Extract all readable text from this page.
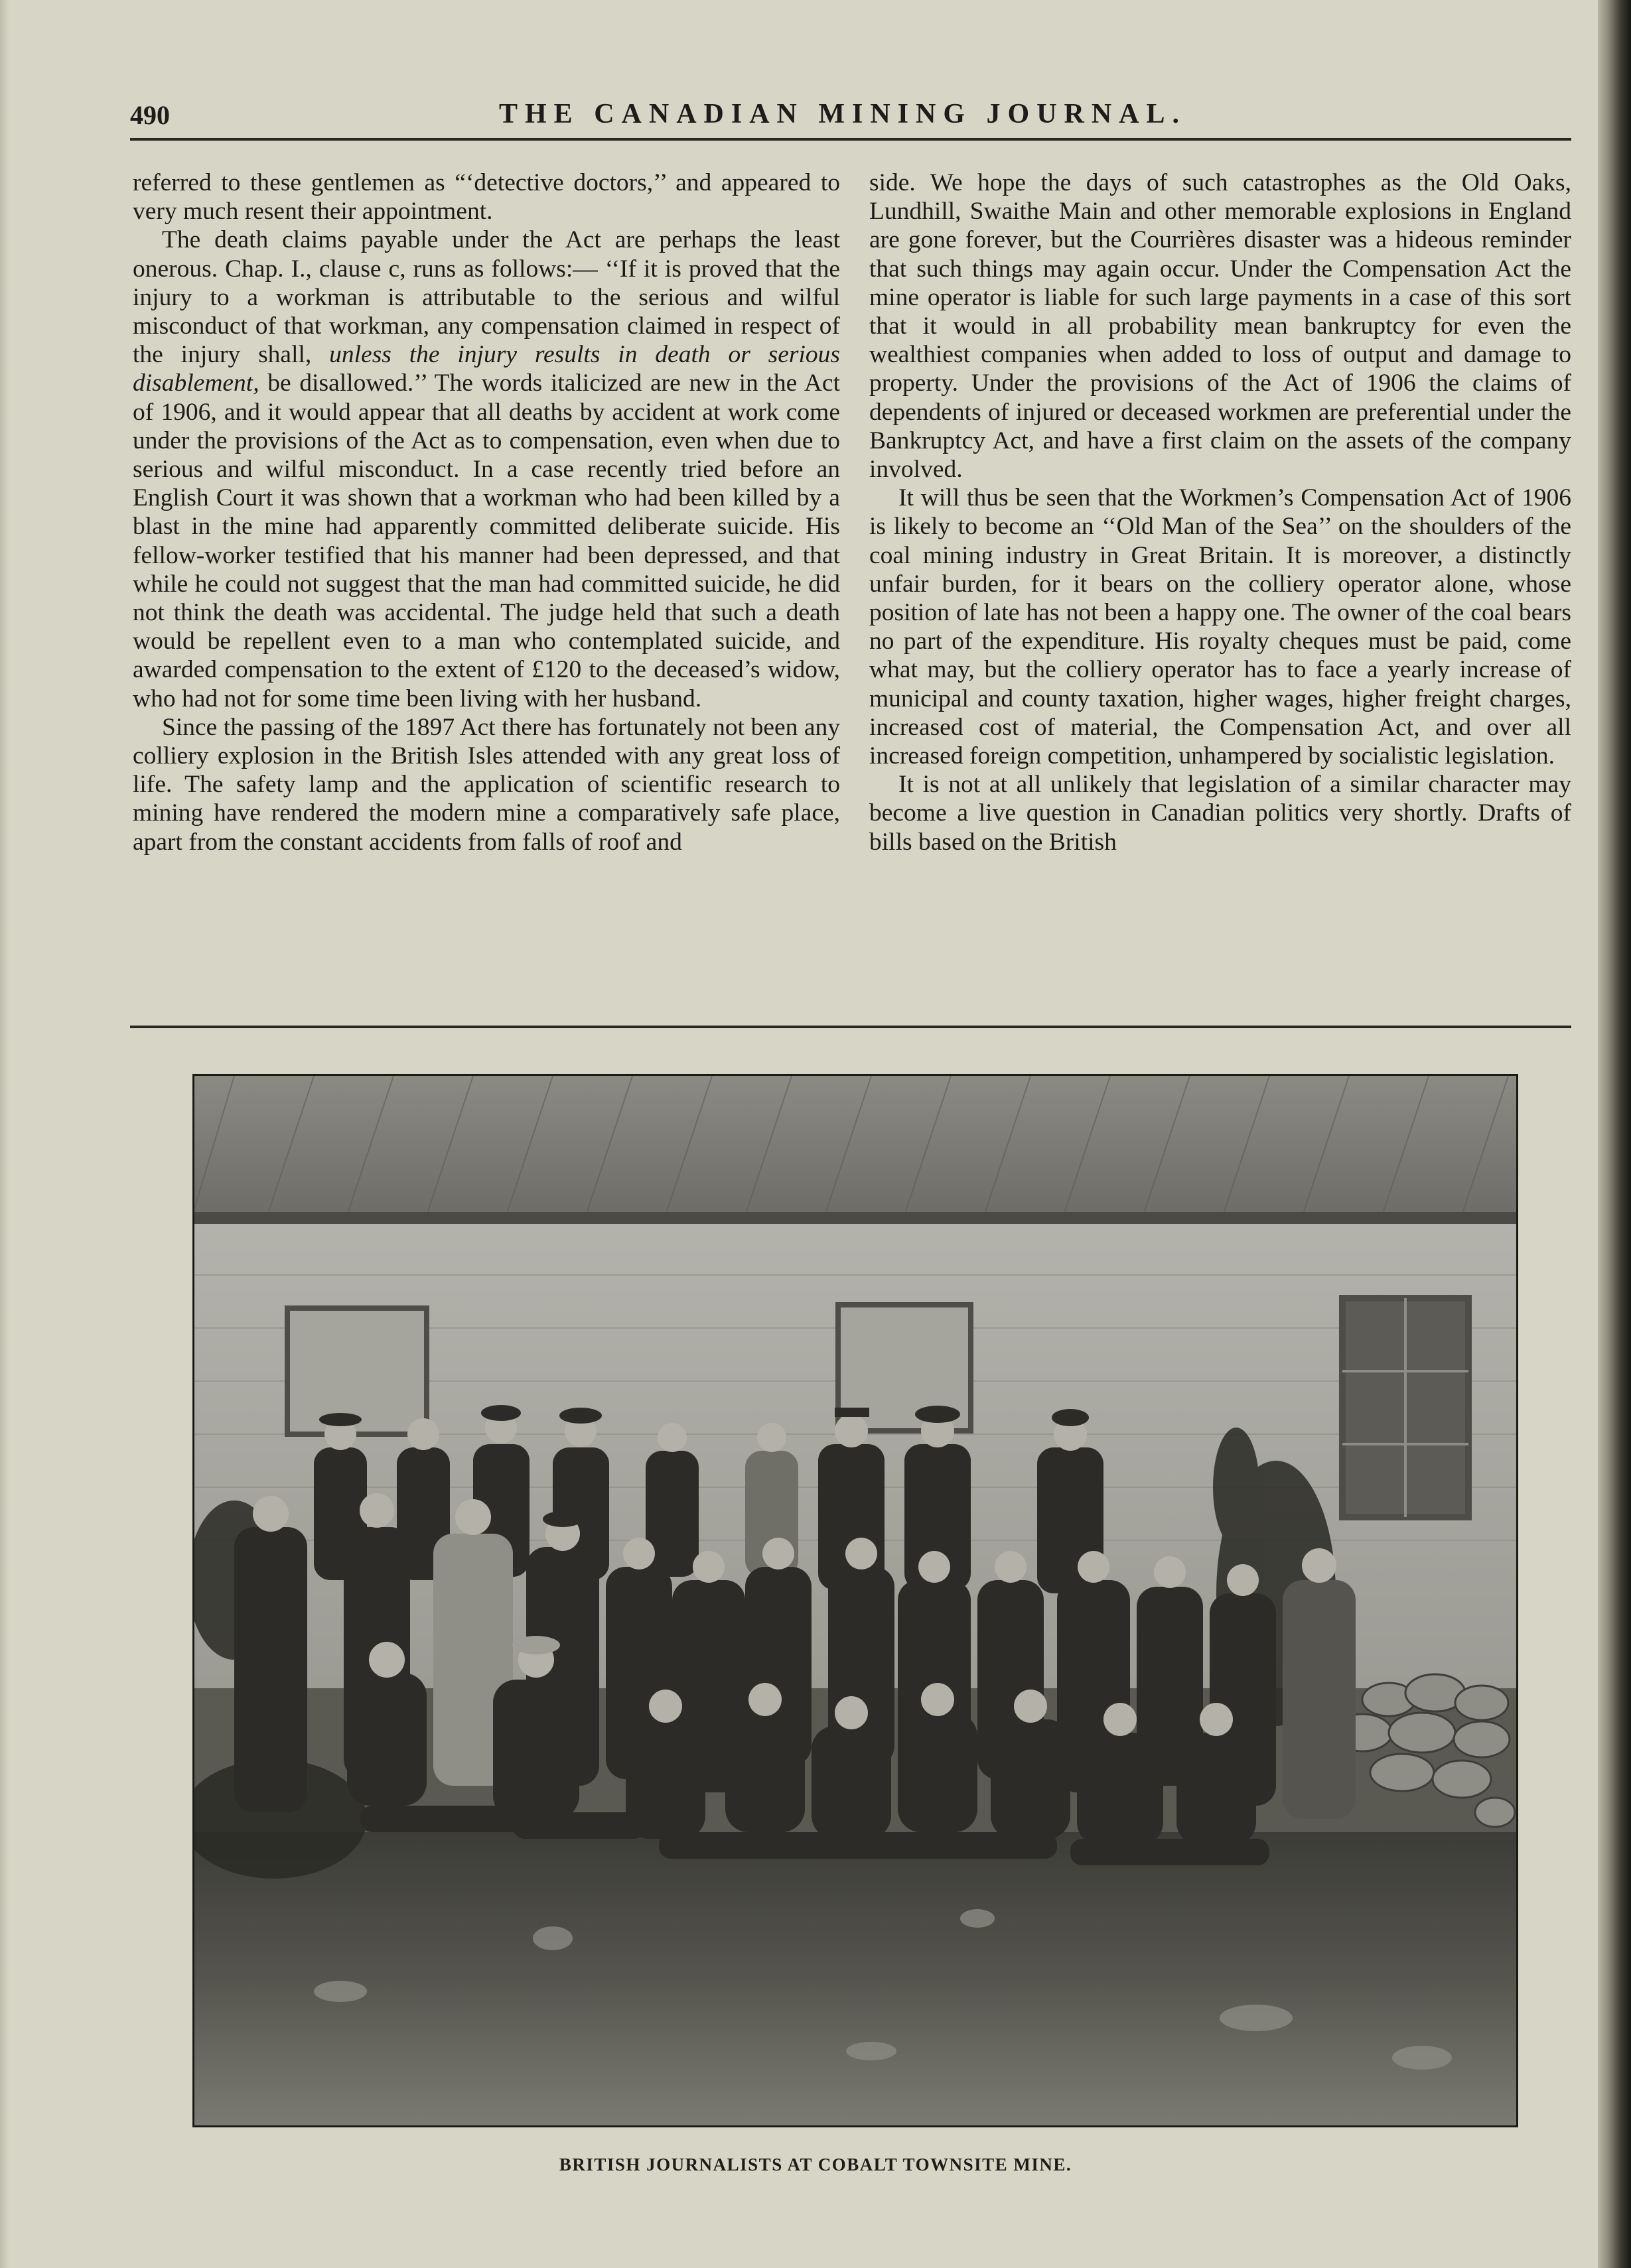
490	THE CANADIAN MINING JOURNAL.

referred to these gentlemen as “‘detective doctors,’’ and appeared to very much resent their appointment.

The death claims payable under the Act are perhaps the least onerous. Chap. I., clause c, runs as follows:— ‘‘If it is proved that the injury to a workman is attributable to the serious and wilful misconduct of that workman, any compensation claimed in respect of the injury shall, unless the injury results in death or serious disablement, be disallowed.’’ The words italicized are new in the Act of 1906, and it would appear that all deaths by accident at work come under the provisions of the Act as to compensation, even when due to serious and wilful misconduct. In a case recently tried before an English Court it was shown that a workman who had been killed by a blast in the mine had apparently committed deliberate suicide. His fellow-worker testified that his manner had been depressed, and that while he could not suggest that the man had committed suicide, he did not think the death was accidental. The judge held that such a death would be repellent even to a man who contemplated suicide, and awarded compensation to the extent of £120 to the deceased’s widow, who had not for some time been living with her husband.

Since the passing of the 1897 Act there has fortunately not been any colliery explosion in the British Isles attended with any great loss of life. The safety lamp and the application of scientific research to mining have rendered the modern mine a comparatively safe place, apart from the constant accidents from falls of roof and

side. We hope the days of such catastrophes as the Old Oaks, Lundhill, Swaithe Main and other memorable explosions in England are gone forever, but the Courrières disaster was a hideous reminder that such things may again occur. Under the Compensation Act the mine operator is liable for such large payments in a case of this sort that it would in all probability mean bankruptcy for even the wealthiest companies when added to loss of output and damage to property. Under the provisions of the Act of 1906 the claims of dependents of injured or deceased workmen are preferential under the Bankruptcy Act, and have a first claim on the assets of the company involved.

It will thus be seen that the Workmen’s Compensation Act of 1906 is likely to become an ‘‘Old Man of the Sea’’ on the shoulders of the coal mining industry in Great Britain. It is moreover, a distinctly unfair burden, for it bears on the colliery operator alone, whose position of late has not been a happy one. The owner of the coal bears no part of the expenditure. His royalty cheques must be paid, come what may, but the colliery operator has to face a yearly increase of municipal and county taxation, higher wages, higher freight charges, increased cost of material, the Compensation Act, and over all increased foreign competition, unhampered by socialistic legislation.

It is not at all unlikely that legislation of a similar character may become a live question in Canadian politics very shortly. Drafts of bills based on the British

BRITISH JOURNALISTS AT COBALT TOWNSITE MINE.
